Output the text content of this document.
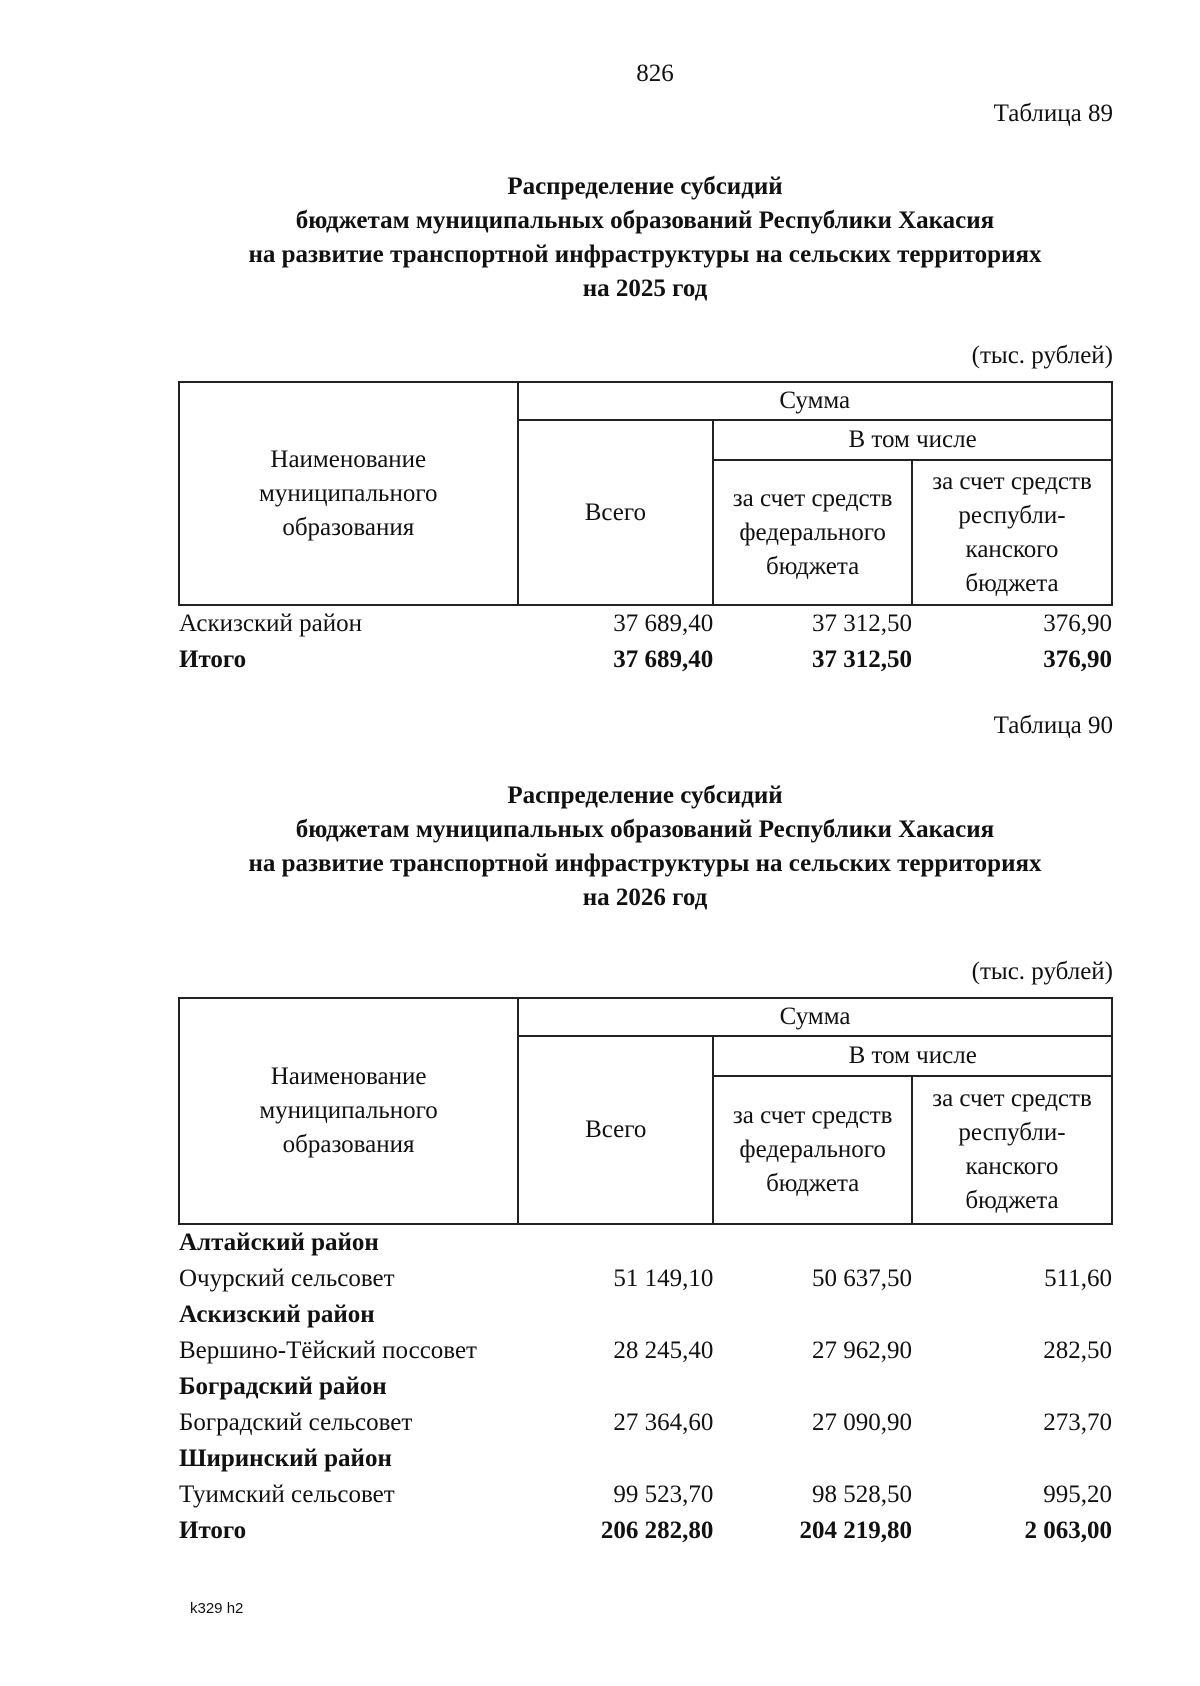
826
Таблица 89
Распределение субсидий
бюджетам муниципальных образований Республики Хакасия
на развитие транспортной инфраструктуры на сельских территориях
на 2025 год
(тыс. рублей)
Наименование муниципального образования	Сумма		
	Всего	В том числе	
		за счет средств федерального бюджета	за счет средств республи-канского бюджета
Аскизский район	37 689,40	37 312,50	376,90
Итого	37 689,40	37 312,50	376,90
Таблица 90
Распределение субсидий
бюджетам муниципальных образований Республики Хакасия
на развитие транспортной инфраструктуры на сельских территориях
на 2026 год
(тыс. рублей)
Наименование муниципального образования	Сумма		
	Всего	В том числе	
		за счет средств федерального бюджета	за счет средств республи-канского бюджета
Алтайский район			
Очурский сельсовет	51 149,10	50 637,50	511,60
Аскизский район			
Вершино-Тёйский поссовет	28 245,40	27 962,90	282,50
Боградский район			
Боградский сельсовет	27 364,60	27 090,90	273,70
Ширинский район			
Туимский сельсовет	99 523,70	98 528,50	995,20
Итого	206 282,80	204 219,80	2 063,00
k329 h2
